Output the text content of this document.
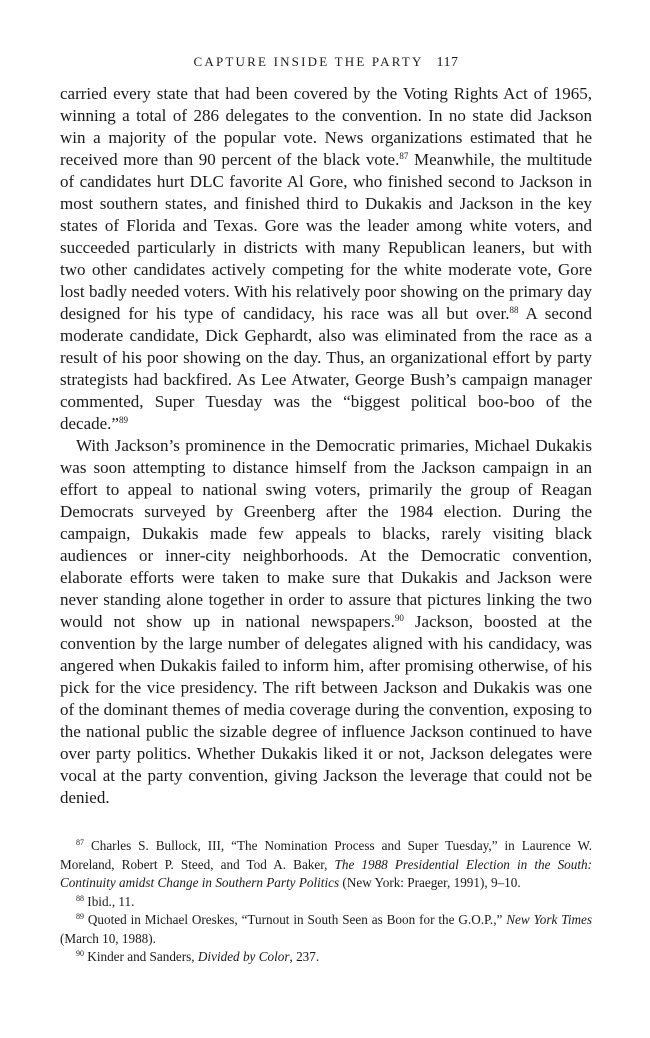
CAPTURE INSIDE THE PARTY 117

carried every state that had been covered by the Voting Rights Act of 1965, winning a total of 286 delegates to the convention. In no state did Jackson win a majority of the popular vote. News organizations estimated that he received more than 90 percent of the black vote.$^{87}$ Meanwhile, the multitude of candidates hurt DLC favorite Al Gore, who finished second to Jackson in most southern states, and finished third to Dukakis and Jackson in the key states of Florida and Texas. Gore was the leader among white voters, and succeeded particularly in districts with many Republican leaners, but with two other candidates actively competing for the white moderate vote, Gore lost badly needed voters. With his relatively poor showing on the primary day designed for his type of candidacy, his race was all but over.$^{88}$ A second moderate candidate, Dick Gephardt, also was eliminated from the race as a result of his poor showing on the day. Thus, an organizational effort by party strategists had backfired. As Lee Atwater, George Bush’s campaign manager commented, Super Tuesday was the “biggest political boo-boo of the decade.”$^{89}$

With Jackson’s prominence in the Democratic primaries, Michael Dukakis was soon attempting to distance himself from the Jackson campaign in an effort to appeal to national swing voters, primarily the group of Reagan Democrats surveyed by Greenberg after the 1984 election. During the campaign, Dukakis made few appeals to blacks, rarely visiting black audiences or inner-city neighborhoods. At the Democratic convention, elaborate efforts were taken to make sure that Dukakis and Jackson were never standing alone together in order to assure that pictures linking the two would not show up in national newspapers.$^{90}$ Jackson, boosted at the convention by the large number of delegates aligned with his candidacy, was angered when Dukakis failed to inform him, after promising otherwise, of his pick for the vice presidency. The rift between Jackson and Dukakis was one of the dominant themes of media coverage during the convention, exposing to the national public the sizable degree of influence Jackson continued to have over party politics. Whether Dukakis liked it or not, Jackson delegates were vocal at the party convention, giving Jackson the leverage that could not be denied.

$^{87}$ Charles S. Bullock, III, “The Nomination Process and Super Tuesday,” in Laurence W. Moreland, Robert P. Steed, and Tod A. Baker, The 1988 Presidential Election in the South: Continuity amidst Change in Southern Party Politics (New York: Praeger, 1991), 9–10.

$^{88}$ Ibid., 11.

$^{89}$ Quoted in Michael Oreskes, “Turnout in South Seen as Boon for the G.O.P.,” New York Times (March 10, 1988).

$^{90}$ Kinder and Sanders, Divided by Color, 237.
